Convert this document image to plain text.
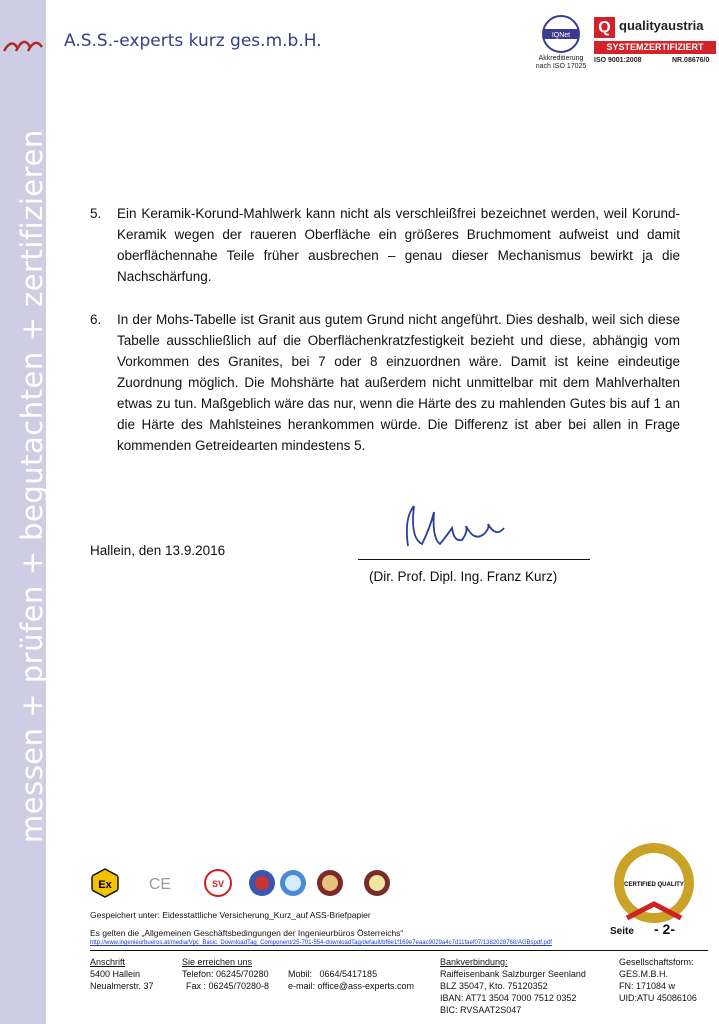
messen + prüfen + begutachten + zertifizieren
A.S.S.-experts kurz ges.m.b.H.	IQNet
Akkreditierung
nach ISO 17025
Q qualityaustria
SYSTEMZERTIFIZIERT
ISO 9001:2008	NR.08676/0
5. Ein Keramik-Korund-Mahlwerk kann nicht als verschleißfrei bezeichnet werden, weil Korund-Keramik wegen der raueren Oberfläche ein größeres Bruchmoment aufweist und damit oberflächennahe Teile früher ausbrechen – genau dieser Mechanismus bewirkt ja die Nachschärfung.
6. In der Mohs-Tabelle ist Granit aus gutem Grund nicht angeführt. Dies deshalb, weil sich diese Tabelle ausschließlich auf die Oberflächenkratzfestigkeit bezieht und diese, abhängig vom Vorkommen des Granites, bei 7 oder 8 einzuordnen wäre. Damit ist keine eindeutige Zuordnung möglich. Die Mohshärte hat außerdem nicht unmittelbar mit dem Mahlverhalten etwas zu tun. Maßgeblich wäre das nur, wenn die Härte des zu mahlenden Gutes bis auf 1 an die Härte des Mahlsteines herankommen würde. Die Differenz ist aber bei allen in Frage kommenden Getreidearten mindestens 5.
Hallein, den 13.9.2016
(Dir. Prof. Dipl. Ing. Franz Kurz)
Ex CE	SV	CERTIFIED QUALITY
Gespeichert unter: Eidesstattliche Versicherung_Kurz_auf ASS-Briefpapier
Es gelten die „Allgemeinen Geschäftsbedingungen der Ingenieurbüros Österreichs“	Seite - 2-
http://www.ingenieurbueros.at/media/Vpc_Basic_DownloadTag_Component/25-701-554-downloadTag/default/bf6e1f169e7eaac9029a4c7d11faef07/1382028768/AGBspdf.pdf
Anschrift
5400 Hallein
Neualmerstr. 37
Sie erreichen uns
Telefon: 06245/70280
Fax : 06245/70280-8
Mobil:   0664/5417185
e-mail: office@ass-experts.com
Bankverbindung:
Raiffeisenbank Salzburger Seenland
BLZ 35047, Kto. 75120352
IBAN: AT71 3504 7000 7512 0352
BIC: RVSAAT2S047
Gesellschaftsform:
GES.M.B.H.
FN: 171084 w
UID:ATU 45086106
